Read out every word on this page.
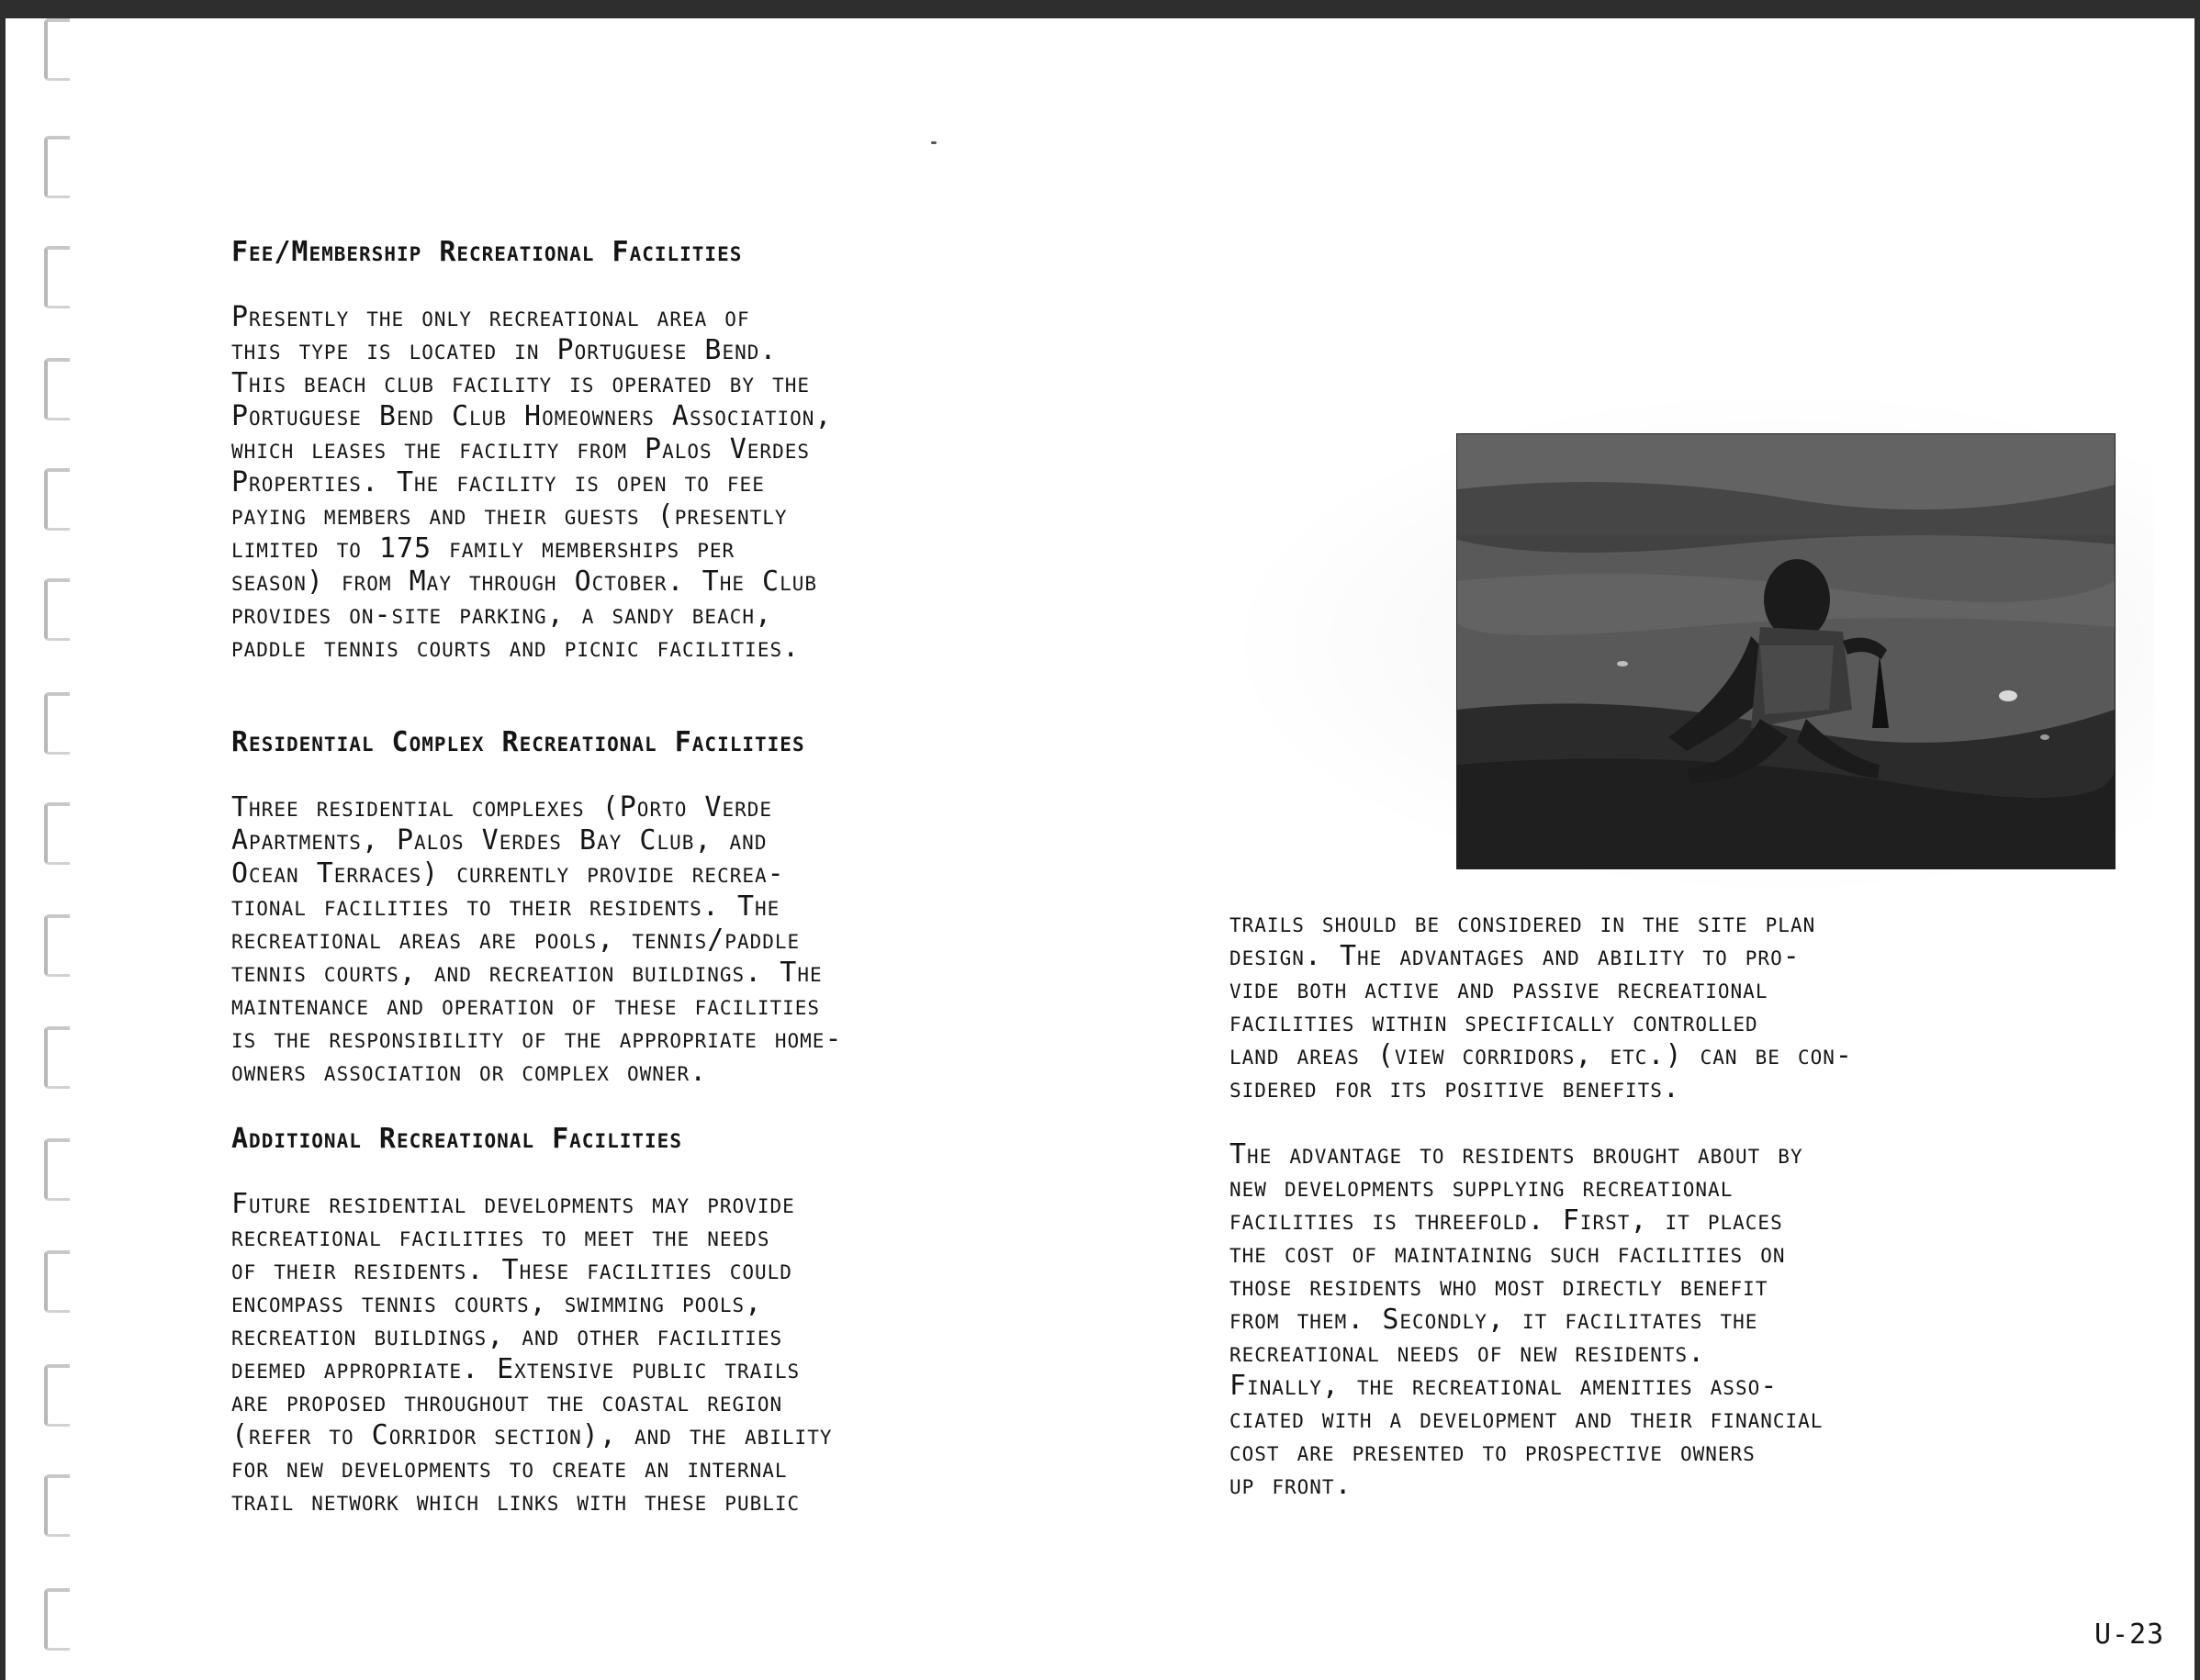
Fee/Membership Recreational Facilities
Presently the only recreational area of
this type is located in Portuguese Bend.
This beach club facility is operated by the
Portuguese Bend Club Homeowners Association,
which leases the facility from Palos Verdes
Properties. The facility is open to fee
paying members and their guests (presently
limited to 175 family memberships per
season) from May through October. The Club
provides on-site parking, a sandy beach,
paddle tennis courts and picnic facilities.
Residential Complex Recreational Facilities
Three residential complexes (Porto Verde
Apartments, Palos Verdes Bay Club, and
Ocean Terraces) currently provide recrea-
tional facilities to their residents. The
recreational areas are pools, tennis/paddle
tennis courts, and recreation buildings. The
maintenance and operation of these facilities
is the responsibility of the appropriate home-
owners association or complex owner.
Additional Recreational Facilities
Future residential developments may provide
recreational facilities to meet the needs
of their residents. These facilities could
encompass tennis courts, swimming pools,
recreation buildings, and other facilities
deemed appropriate. Extensive public trails
are proposed throughout the coastal region
(refer to Corridor section), and the ability
for new developments to create an internal
trail network which links with these public
trails should be considered in the site plan
design. The advantages and ability to pro-
vide both active and passive recreational
facilities within specifically controlled
land areas (view corridors, etc.) can be con-
sidered for its positive benefits.
The advantage to residents brought about by
new developments supplying recreational
facilities is threefold. First, it places
the cost of maintaining such facilities on
those residents who most directly benefit
from them. Secondly, it facilitates the
recreational needs of new residents.
Finally, the recreational amenities asso-
ciated with a development and their financial
cost are presented to prospective owners
up front.
U-23
